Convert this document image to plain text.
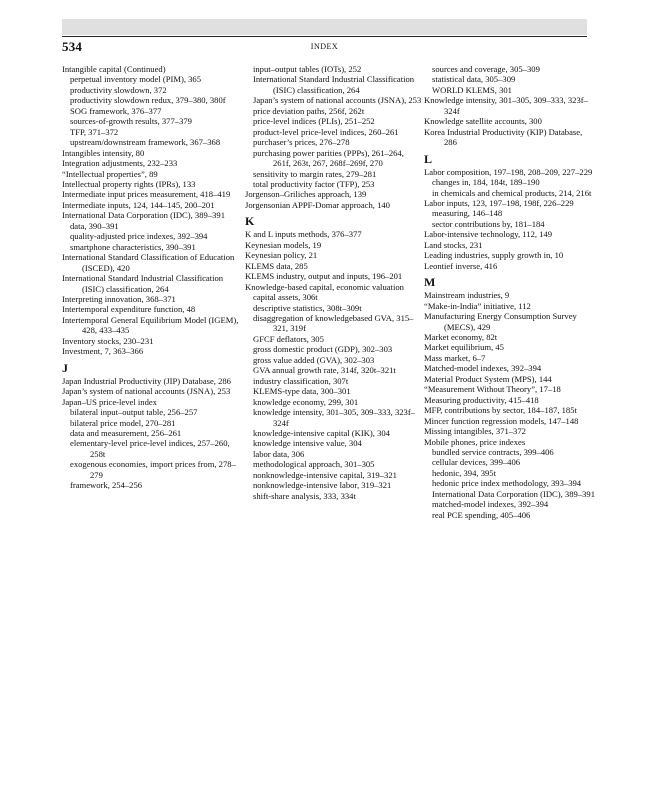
534	INDEX
Intangible capital (Continued)
perpetual inventory model (PIM), 365
productivity slowdown, 372
productivity slowdown redux, 379–380, 380f
SOG framework, 376–377
sources-of-growth results, 377–379
TFP, 371–372
upstream/downstream framework, 367–368
Intangibles intensity, 80
Integration adjustments, 232–233
“Intellectual properties”, 89
Intellectual property rights (IPRs), 133
Intermediate input prices measurement, 418–419
Intermediate inputs, 124, 144–145, 200–201
International Data Corporation (IDC), 389–391
data, 390–391
quality-adjusted price indexes, 392–394
smartphone characteristics, 390–391
International Standard Classification of Education (ISCED), 420
International Standard Industrial Classification (ISIC) classification, 264
Interpreting innovation, 368–371
Intertemporal expenditure function, 48
Intertemporal General Equilibrium Model (IGEM), 428, 433–435
Inventory stocks, 230–231
Investment, 7, 363–366
J
Japan Industrial Productivity (JIP) Database, 286
Japan’s system of national accounts (JSNA), 253
Japan–US price-level index
bilateral input–output table, 256–257
bilateral price model, 270–281
data and measurement, 256–261
elementary-level price-level indices, 257–260, 258t
exogenous economies, import prices from, 278–279
framework, 254–256
input–output tables (IOTs), 252
International Standard Industrial Classification (ISIC) classification, 264
Japan’s system of national accounts (JSNA), 253
price deviation paths, 256f, 262t
price-level indices (PLIs), 251–252
product-level price-level indices, 260–261
purchaser’s prices, 276–278
purchasing power parities (PPPs), 261–264, 261f, 263t, 267, 268f–269f, 270
sensitivity to margin rates, 279–281
total productivity factor (TFP), 253
Jorgenson–Griliches approach, 139
Jorgensonian APPF-Domar approach, 140
K
K and L inputs methods, 376–377
Keynesian models, 19
Keynesian policy, 21
KLEMS data, 285
KLEMS industry, output and inputs, 196–201
Knowledge-based capital, economic valuation
capital assets, 306t
descriptive statistics, 308t–309t
disaggregation of knowledgebased GVA, 315–321, 319f
GFCF deflators, 305
gross domestic product (GDP), 302–303
gross value added (GVA), 302–303
GVA annual growth rate, 314f, 320t–321t
industry classification, 307t
KLEMS-type data, 300–301
knowledge economy, 299, 301
knowledge intensity, 301–305, 309–333, 323f–324f
knowledge-intensive capital (KIK), 304
knowledge intensive value, 304
labor data, 306
methodological approach, 301–305
nonknowledge-intensive capital, 319–321
nonknowledge-intensive labor, 319–321
shift-share analysis, 333, 334t
sources and coverage, 305–309
statistical data, 305–309
WORLD KLEMS, 301
Knowledge intensity, 301–305, 309–333, 323f–324f
Knowledge satellite accounts, 300
Korea Industrial Productivity (KIP) Database, 286
L
Labor composition, 197–198, 208–209, 227–229
changes in, 184, 184t, 189–190
in chemicals and chemical products, 214, 216t
Labor inputs, 123, 197–198, 198f, 226–229
measuring, 146–148
sector contributions by, 181–184
Labor-intensive technology, 112, 149
Land stocks, 231
Leading industries, supply growth in, 10
Leontief inverse, 416
M
Mainstream industries, 9
“Make-in-India” initiative, 112
Manufacturing Energy Consumption Survey (MECS), 429
Market economy, 82t
Market equilibrium, 45
Mass market, 6–7
Matched-model indexes, 392–394
Material Product System (MPS), 144
“Measurement Without Theory”, 17–18
Measuring productivity, 415–418
MFP, contributions by sector, 184–187, 185t
Mincer function regression models, 147–148
Missing intangibles, 371–372
Mobile phones, price indexes
bundled service contracts, 399–406
cellular devices, 399–406
hedonic, 394, 395t
hedonic price index methodology, 393–394
International Data Corporation (IDC), 389–391
matched-model indexes, 392–394
real PCE spending, 405–406
